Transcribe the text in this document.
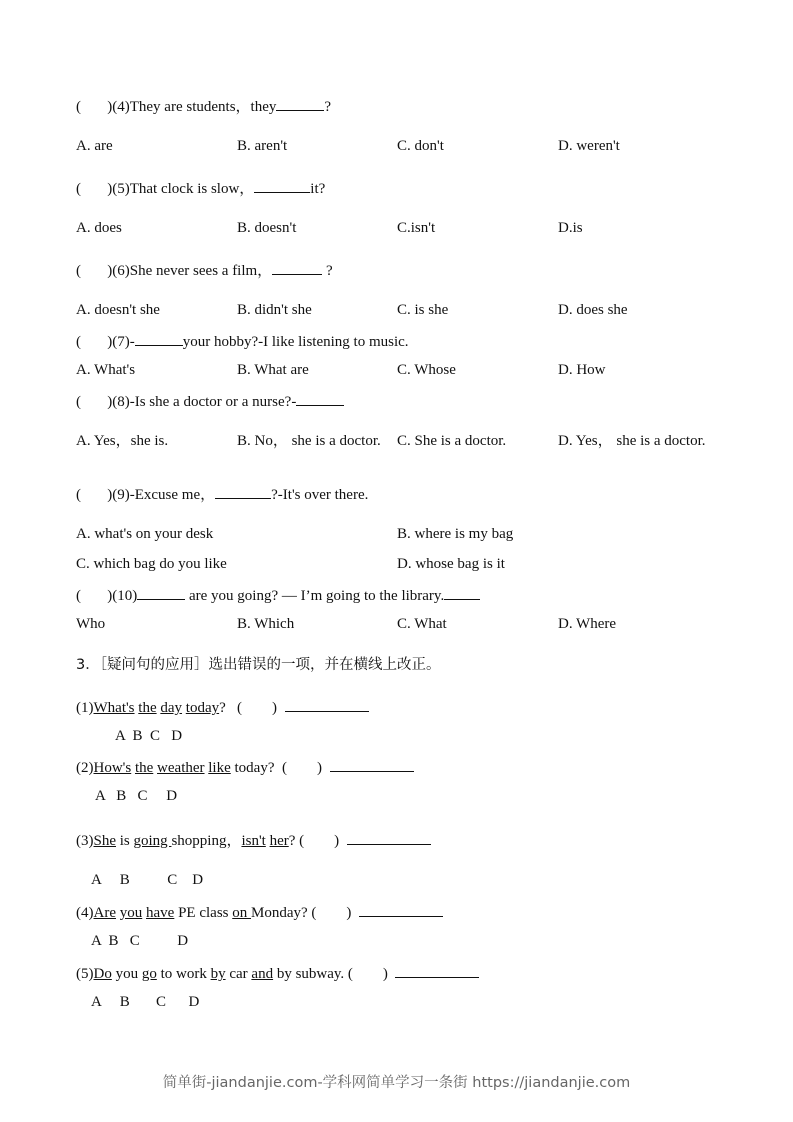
(       )(4)They are students，they	?
A. are	B. aren't	C. don't	D. weren't
(       )(5)That clock is slow，	it?
A. does	B. doesn't	C.isn't	D.is
(       )(6)She never sees a film，	?
A. doesn't she	B. didn't she	C. is she	D. does she
(       )(7)-	your hobby?-I like listening to music.
A. What's	B. What are	C. Whose	D. How
(       )(8)-Is she a doctor or a nurse?-
A. Yes，she is.	B. No， she is a doctor. C. She is a doctor.	D. Yes， she is a doctor.
(       )(9)-Excuse me，	?-It's over there.
A. what's on your desk	B. where is my bag
C. which bag do you like	D. whose bag is it
(       )(10)	are you going? — I’m going to the library.
Who	B. Which	C. What	D. Where
3．［疑问句的应用］选出错误的一项，并在横线上改正。
(1)What's the day today?   (        )
A  B  C   D
(2)How's the weather like today?  (        )
A   B   C     D
(3)She is going shopping，isn't her? (        )
A     B          C    D
(4)Are you have PE class on Monday? (        )
A  B   C          D
(5)Do you go to work by car and by subway. (        )
A     B       C      D
简单街-jiandanjie.com-学科网简单学习一条街 https://jiandanjie.com
